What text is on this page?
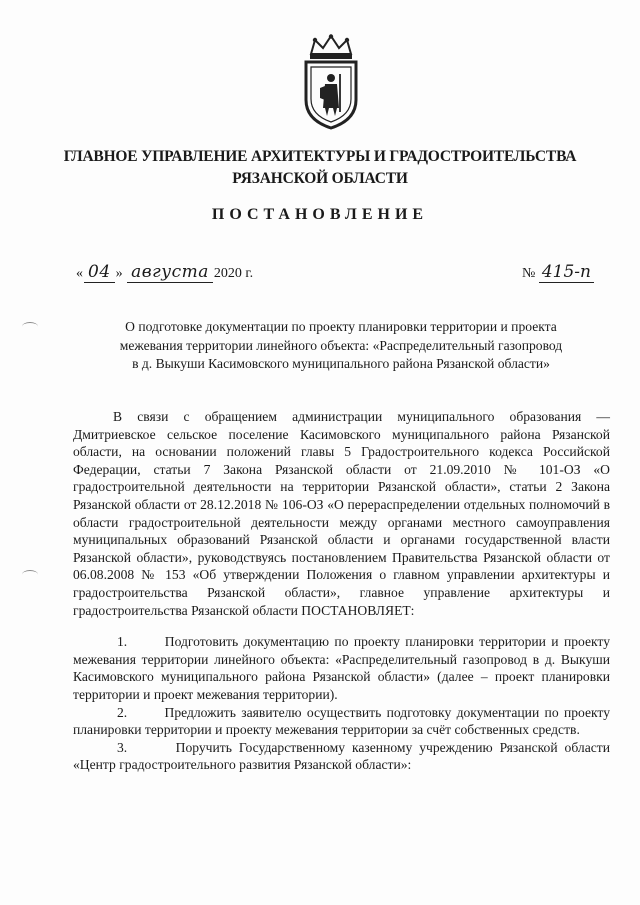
ГЛАВНОЕ УПРАВЛЕНИЕ АРХИТЕКТУРЫ И ГРАДОСТРОИТЕЛЬСТВА
РЯЗАНСКОЙ ОБЛАСТИ
ПОСТАНОВЛЕНИЕ
« 04 » августа 2020 г.	№ 415-п
О подготовке документации по проекту планировки территории и проекта
межевания территории линейного объекта: «Распределительный газопровод
в д. Выкуши Касимовского муниципального района Рязанской области»

В связи с обращением администрации муниципального образования — Дмитриевское сельское поселение Касимовского муниципального района Рязанской области, на основании положений главы 5 Градостроительного кодекса Российской Федерации, статьи 7 Закона Рязанской области от 21.09.2010 № 101-ОЗ «О градостроительной деятельности на территории Рязанской области», статьи 2 Закона Рязанской области от 28.12.2018 № 106-ОЗ «О перераспределении отдельных полномочий в области градостроительной деятельности между органами местного самоуправления муниципальных образований Рязанской области и органами государственной власти Рязанской области», руководствуясь постановлением Правительства Рязанской области от 06.08.2008 № 153 «Об утверждении Положения о главном управлении архитектуры и градостроительства Рязанской области», главное управление архитектуры и градостроительства Рязанской области ПОСТАНОВЛЯЕТ:

1.	Подготовить документацию по проекту планировки территории и проекту межевания территории линейного объекта: «Распределительный газопровод в д. Выкуши Касимовского муниципального района Рязанской области» (далее – проект планировки территории и проект межевания территории).

2.	Предложить заявителю осуществить подготовку документации по проекту планировки территории и проекту межевания территории за счёт собственных средств.

3.	Поручить Государственному казенному учреждению Рязанской области «Центр градостроительного развития Рязанской области»:
